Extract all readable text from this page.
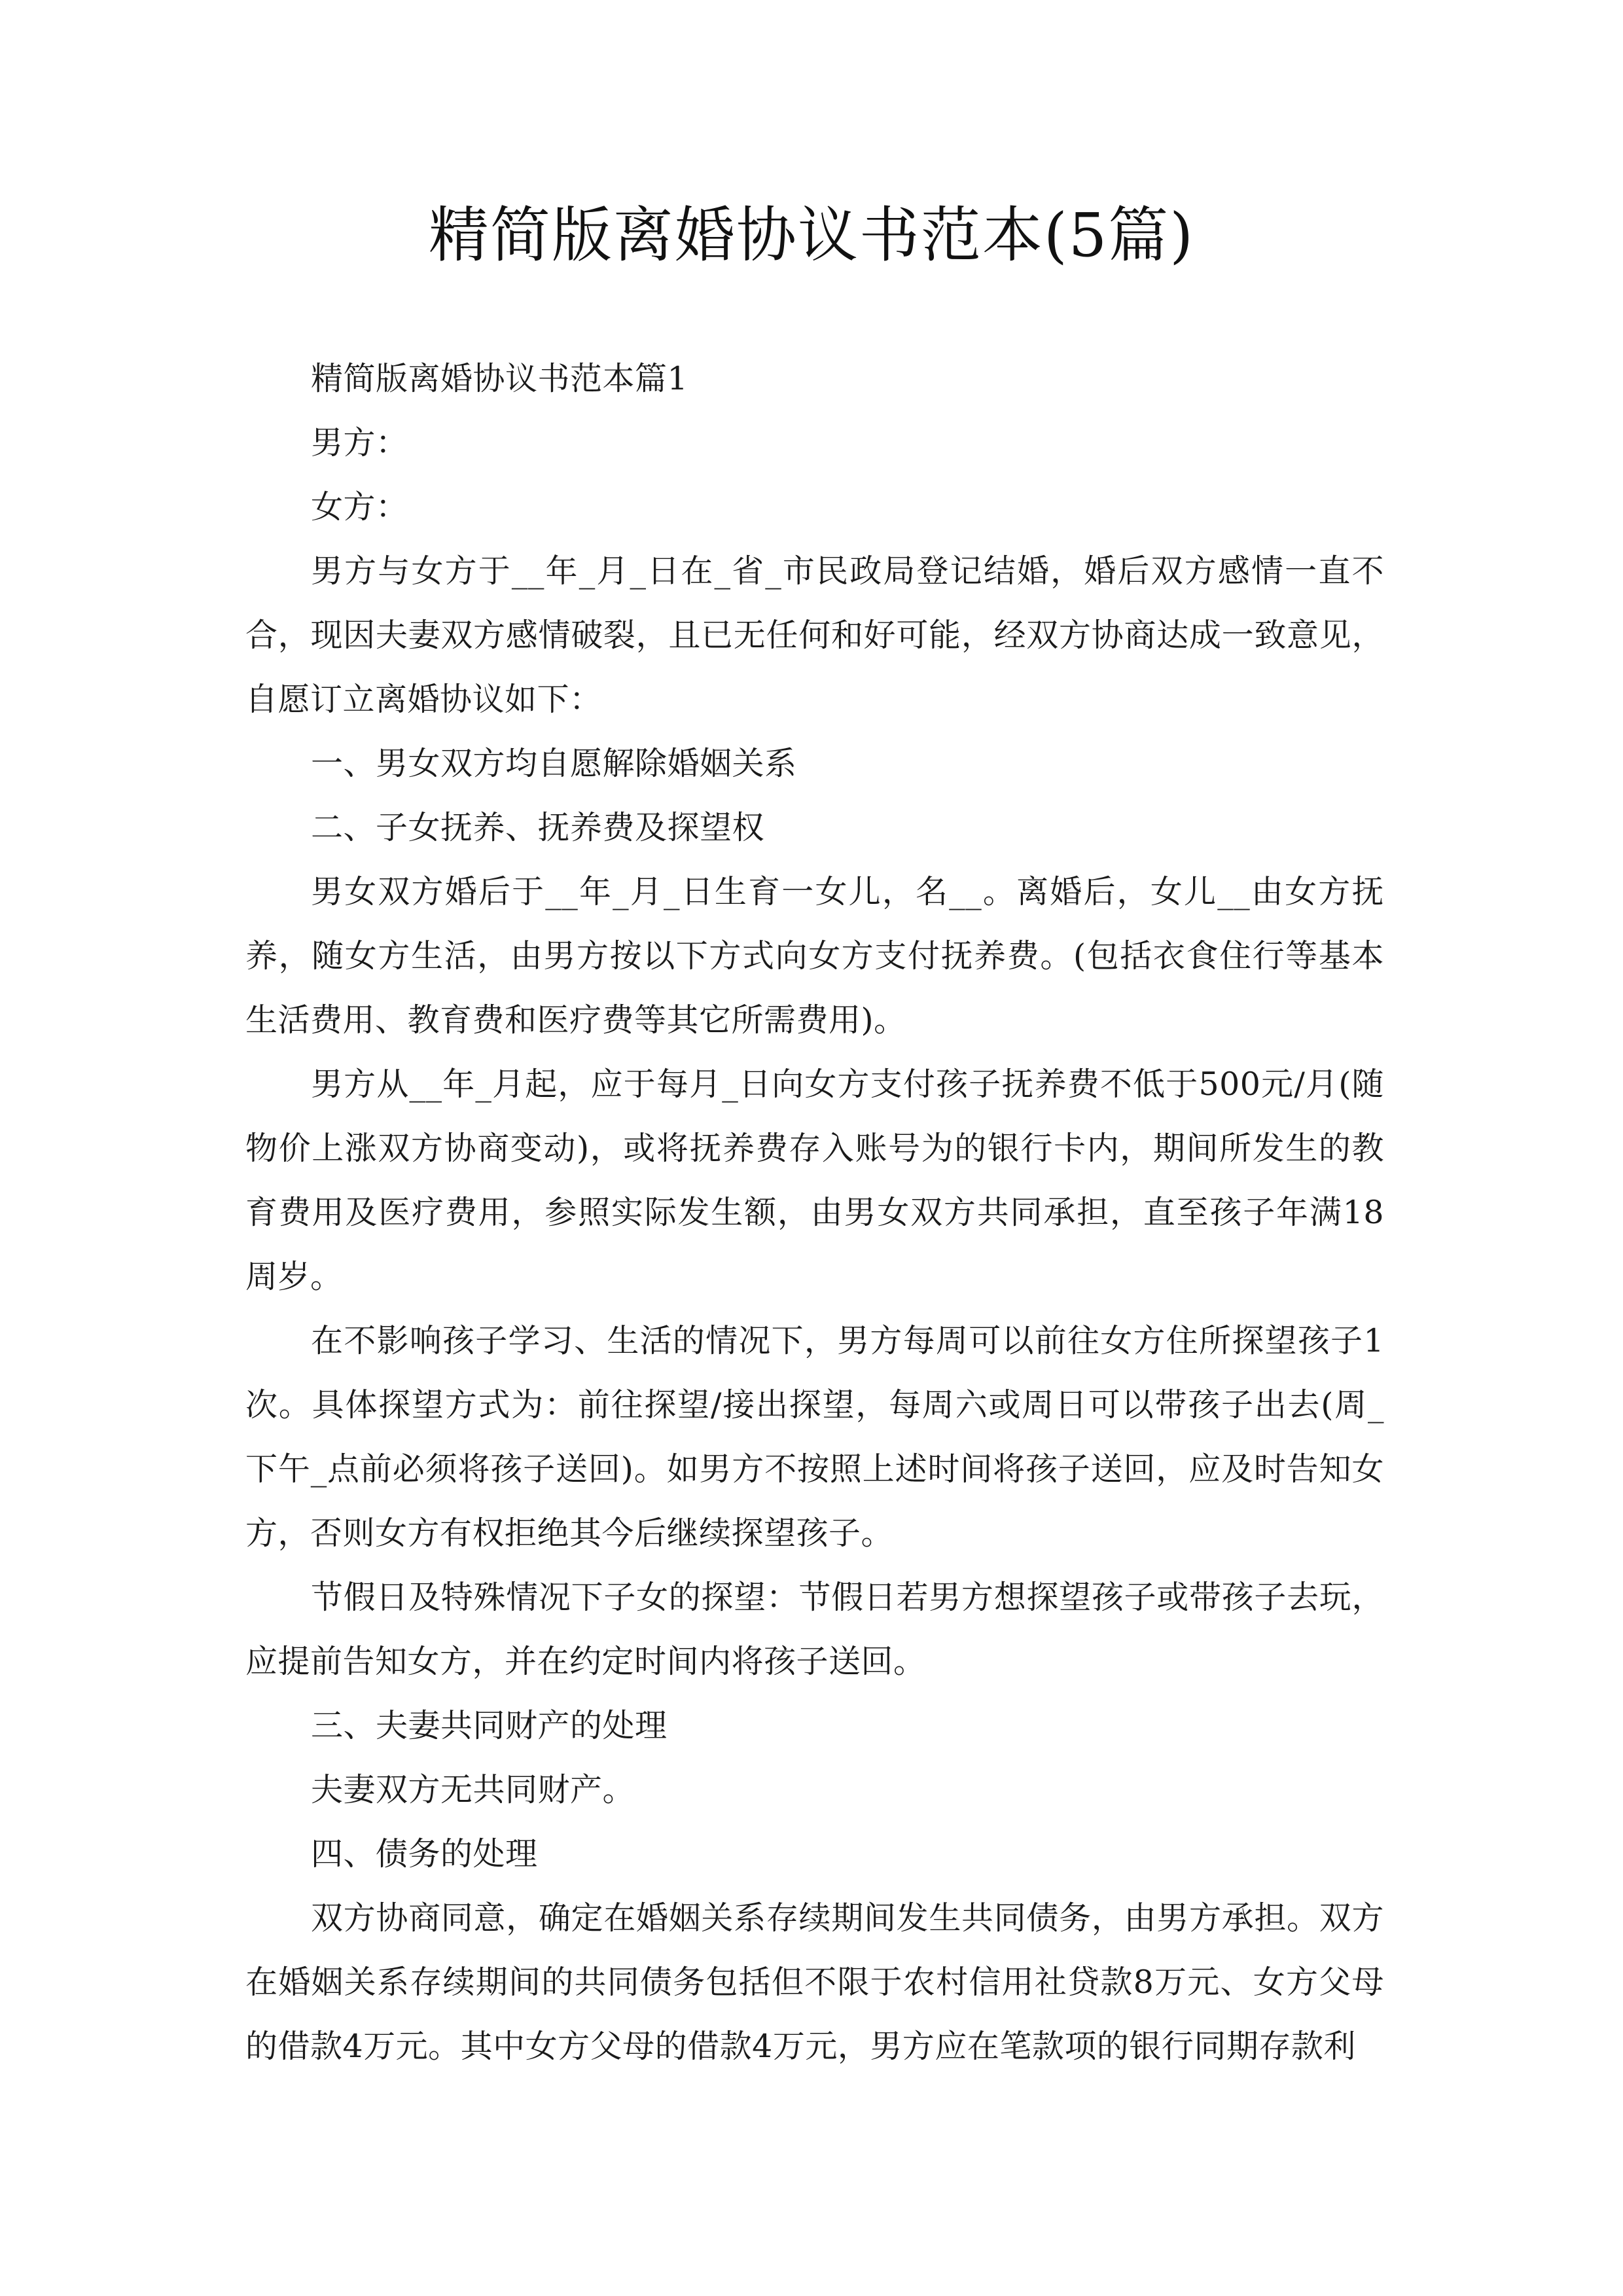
精简版离婚协议书范本(5篇)

精简版离婚协议书范本篇1

男方：

女方：

男方与女方于__年_月_日在_省_市民政局登记结婚，婚后双方感情一直不合，现因夫妻双方感情破裂，且已无任何和好可能，经双方协商达成一致意见，自愿订立离婚协议如下：

一、男女双方均自愿解除婚姻关系

二、子女抚养、抚养费及探望权

男女双方婚后于__年_月_日生育一女儿，名__。离婚后，女儿__由女方抚养，随女方生活，由男方按以下方式向女方支付抚养费。(包括衣食住行等基本生活费用、教育费和医疗费等其它所需费用)。

男方从__年_月起，应于每月_日向女方支付孩子抚养费不低于500元/月(随物价上涨双方协商变动)，或将抚养费存入账号为的银行卡内，期间所发生的教育费用及医疗费用，参照实际发生额，由男女双方共同承担，直至孩子年满18周岁。

在不影响孩子学习、生活的情况下，男方每周可以前往女方住所探望孩子1次。具体探望方式为：前往探望/接出探望，每周六或周日可以带孩子出去(周_下午_点前必须将孩子送回)。如男方不按照上述时间将孩子送回，应及时告知女方，否则女方有权拒绝其今后继续探望孩子。

节假日及特殊情况下子女的探望：节假日若男方想探望孩子或带孩子去玩，应提前告知女方，并在约定时间内将孩子送回。

三、夫妻共同财产的处理

夫妻双方无共同财产。

四、债务的处理

双方协商同意，确定在婚姻关系存续期间发生共同债务，由男方承担。双方在婚姻关系存续期间的共同债务包括但不限于农村信用社贷款8万元、女方父母的借款4万元。其中女方父母的借款4万元，男方应在笔款项的银行同期存款利
